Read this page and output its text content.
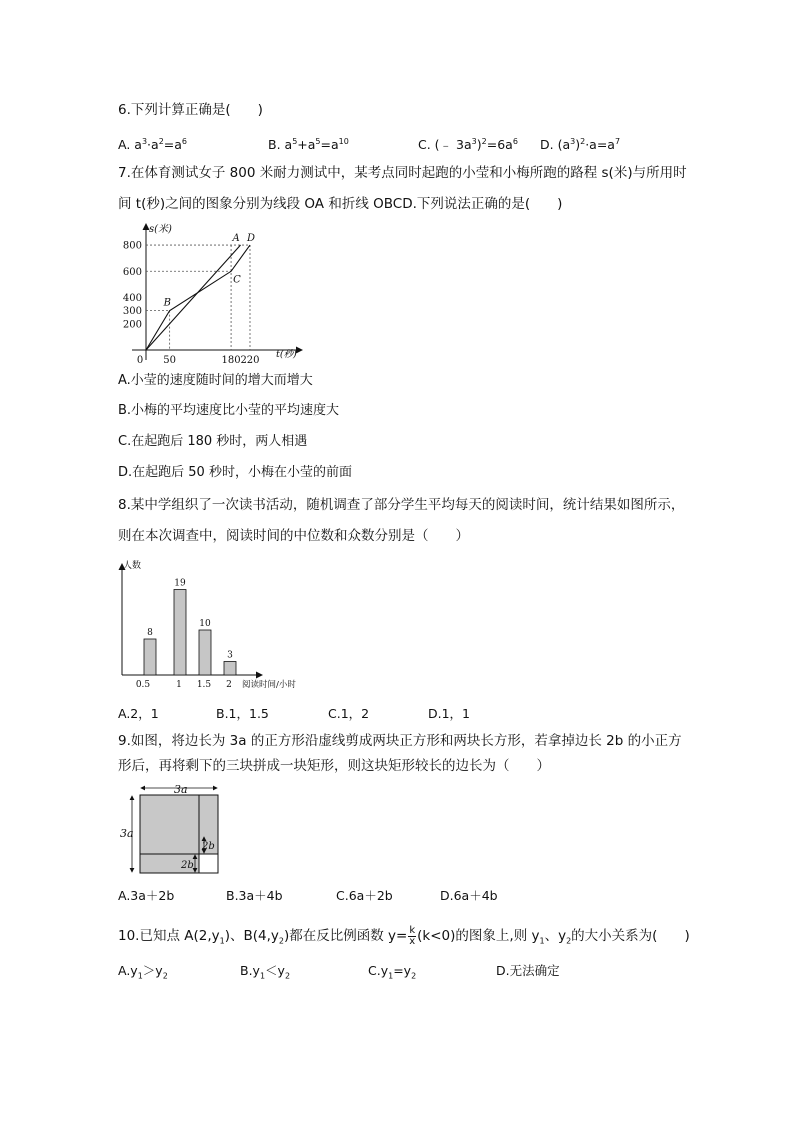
6.下列计算正确是(　　)
A. $a^3\cdot a^2=a^6$	B. $a^5+a^5=a^{10}$	C. (﹣ $3a^3)^2=6a^6$ D. $(a^3)^2\cdot a=a^7$
7.在体育测试女子 800 米耐力测试中，某考点同时起跑的小莹和小梅所跑的路程 s(米)与所用时
间 t(秒)之间的图象分别为线段 OA 和折线 OBCD.下列说法正确的是(　　)
s(米)
t(秒)
200
300
400
600
800
0 50	180 220
A
B
C
D
A.小莹的速度随时间的增大而增大
B.小梅的平均速度比小莹的平均速度大
C.在起跑后 180 秒时，两人相遇
D.在起跑后 50 秒时，小梅在小莹的前面
8.某中学组织了一次读书活动，随机调查了部分学生平均每天的阅读时间，统计结果如图所示，
则在本次调查中，阅读时间的中位数和众数分别是（　　）
人数
阅读时间/小时
8
0.5
19
1
10
1.5
3
2
A.2，1	B.1，1.5	C.1，2	D.1，1
9.如图，将边长为 3a 的正方形沿虚线剪成两块正方形和两块长方形，若拿掉边长 2b 的小正方
形后，再将剩下的三块拼成一块矩形，则这块矩形较长的边长为（　　）
3a
3a
2b
2b
A.3a＋2b	B.3a＋4b	C.6a＋2b	D.6a＋4b
10.已知点 $A(2,y_1)$、$B(4,y_2)$都在反比例函数 $y= \frac{k}{x} (k<0)$的图象上,则 $y_1$、$y_2$的大小关系为(　　)
$A.y_1>y_2$	$B.y_1<y_2$	$C.y_1=y_2$	D.无法确定
